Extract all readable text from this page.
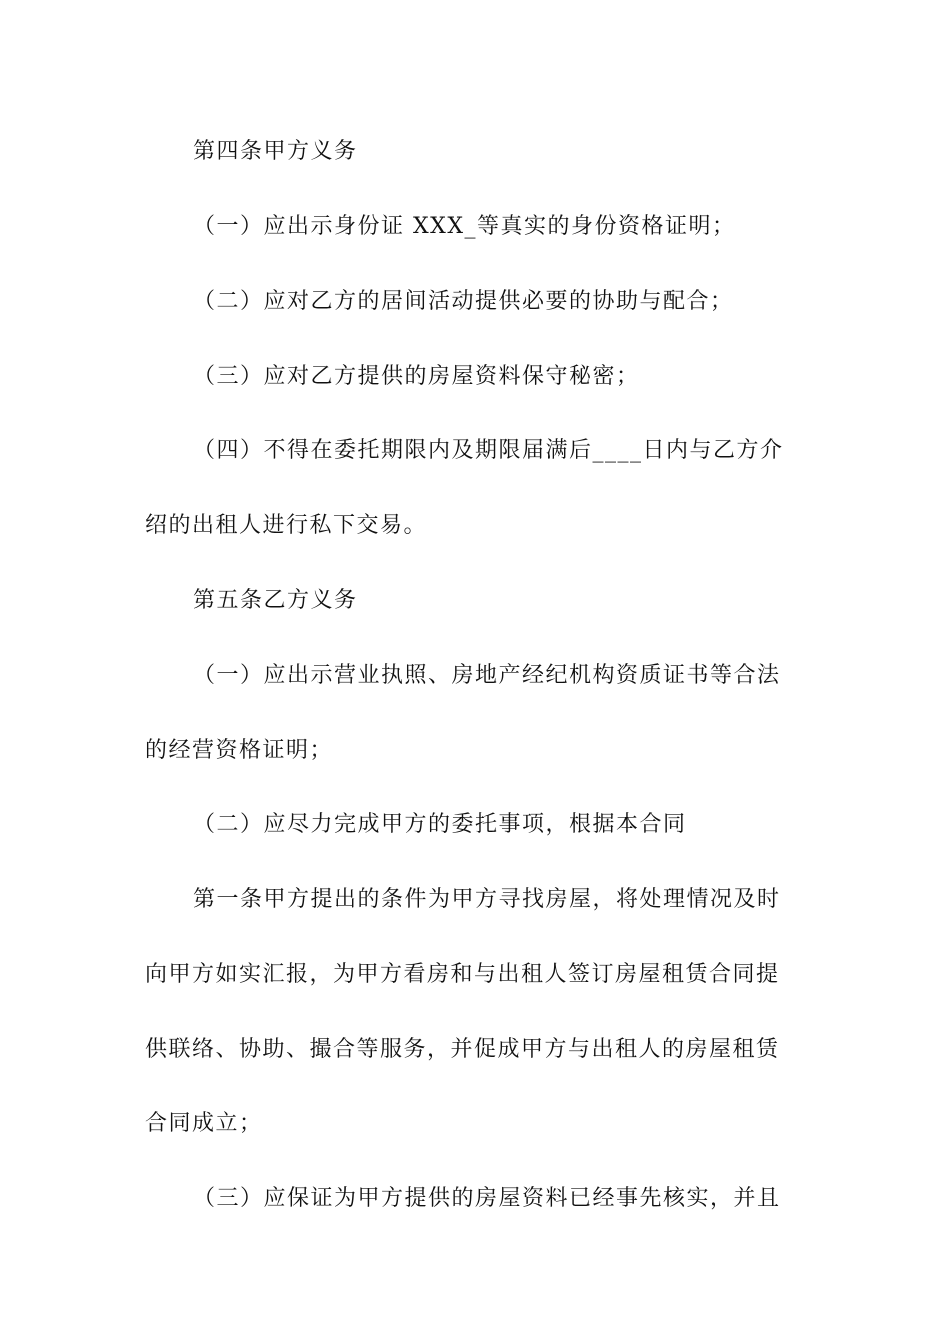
第四条甲方义务
（一）应出示身份证 XXX_等真实的身份资格证明；
（二）应对乙方的居间活动提供必要的协助与配合；
（三）应对乙方提供的房屋资料保守秘密；
（四）不得在委托期限内及期限届满后____日内与乙方介
绍的出租人进行私下交易。
第五条乙方义务
（一）应出示营业执照、房地产经纪机构资质证书等合法
的经营资格证明；
（二）应尽力完成甲方的委托事项，根据本合同
第一条甲方提出的条件为甲方寻找房屋，将处理情况及时
向甲方如实汇报，为甲方看房和与出租人签订房屋租赁合同提
供联络、协助、撮合等服务，并促成甲方与出租人的房屋租赁
合同成立；
（三）应保证为甲方提供的房屋资料已经事先核实，并且
